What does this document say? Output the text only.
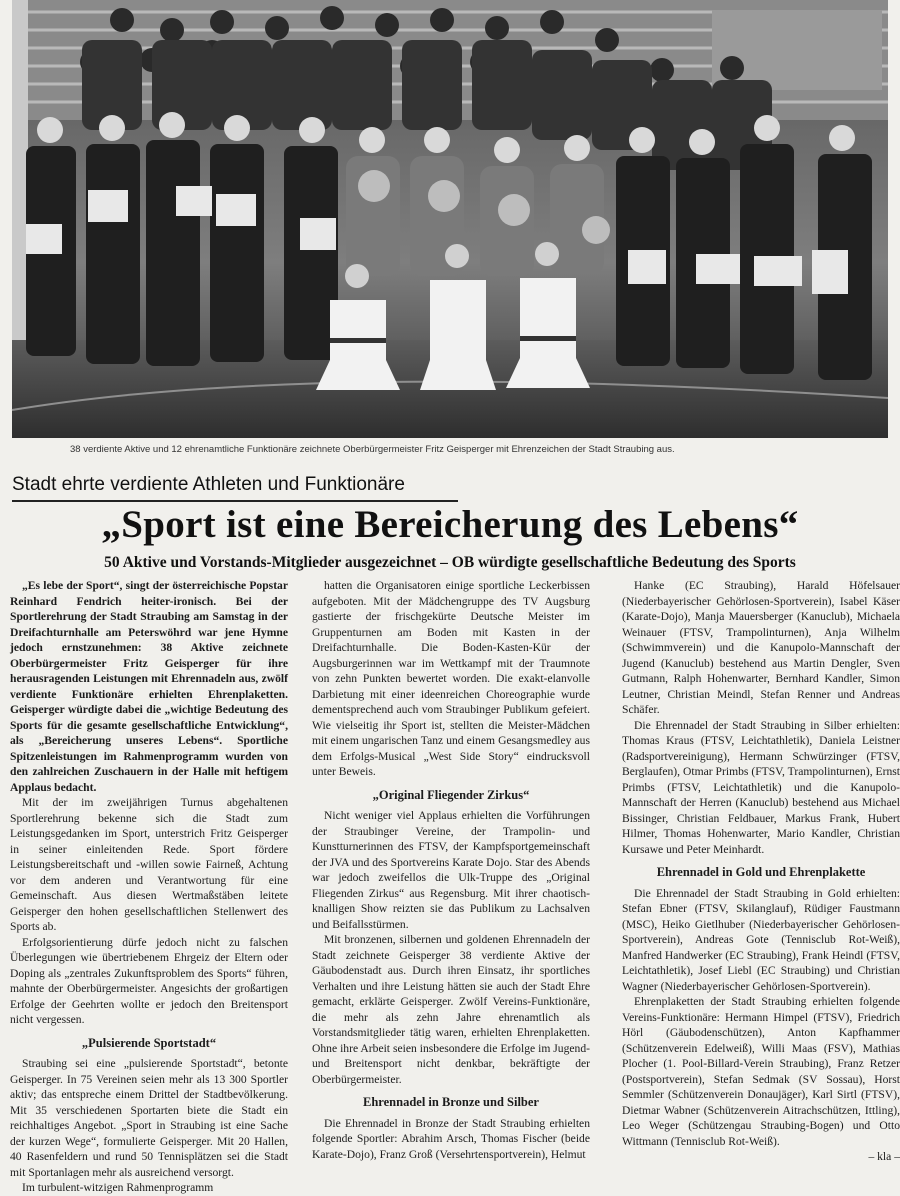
38 verdiente Aktive und 12 ehrenamtliche Funktionäre zeichnete Oberbürgermeister Fritz Geisperger mit Ehrenzeichen der Stadt Straubing aus.
Stadt ehrte verdiente Athleten und Funktionäre
„Sport ist eine Bereicherung des Lebens“
50 Aktive und Vorstands-Mitglieder ausgezeichnet – OB würdigte gesellschaftliche Bedeutung des Sports

„Es lebe der Sport“, singt der österreichische Popstar Reinhard Fendrich heiter-ironisch. Bei der Sportlerehrung der Stadt Straubing am Samstag in der Dreifachturnhalle am Peterswöhrd war jene Hymne jedoch ernstzunehmen: 38 Aktive zeichnete Oberbürgermeister Fritz Geisperger für ihre herausragenden Leistungen mit Ehrennadeln aus, zwölf verdiente Funktionäre erhielten Ehrenplaketten. Geisperger würdigte dabei die „wichtige Bedeutung des Sports für die gesamte gesellschaftliche Entwicklung“, als „Bereicherung unseres Lebens“. Sportliche Spitzenleistungen im Rahmenprogramm wurden von den zahlreichen Zuschauern in der Halle mit heftigem Applaus bedacht.

Mit der im zweijährigen Turnus abgehaltenen Sportlerehrung bekenne sich die Stadt zum Leistungsgedanken im Sport, unterstrich Fritz Geisperger in seiner einleitenden Rede. Sport fördere Leistungsbereitschaft und -willen sowie Fairneß, Achtung vor dem anderen und Verantwortung für eine Gemeinschaft. Aus diesen Wertmaßstäben leitete Geisperger den hohen gesellschaftlichen Stellenwert des Sports ab.

Erfolgsorientierung dürfe jedoch nicht zu falschen Überlegungen wie übertriebenem Ehrgeiz der Eltern oder Doping als „zentrales Zukunftsproblem des Sports“ führen, mahnte der Oberbürgermeister. Angesichts der großartigen Erfolge der Geehrten wollte er jedoch den Breitensport nicht vergessen.

„Pulsierende Sportstadt“

Straubing sei eine „pulsierende Sportstadt“, betonte Geisperger. In 75 Vereinen seien mehr als 13 300 Sportler aktiv; das entspreche einem Drittel der Stadtbevölkerung. Mit 35 verschiedenen Sportarten biete die Stadt ein reichhaltiges Angebot. „Sport in Straubing ist eine Sache der kurzen Wege“, formulierte Geisperger. Mit 20 Hallen, 40 Rasenfeldern und rund 50 Tennisplätzen sei die Stadt mit Sportanlagen mehr als ausreichend versorgt.

Im turbulent-witzigen Rahmenprogramm

hatten die Organisatoren einige sportliche Leckerbissen aufgeboten. Mit der Mädchengruppe des TV Augsburg gastierte der frischgekürte Deutsche Meister im Gruppenturnen am Boden mit Kasten in der Dreifachturnhalle. Die Boden-Kasten-Kür der Augsburgerinnen war im Wettkampf mit der Traumnote von zehn Punkten bewertet worden. Die exakt-elanvolle Darbietung mit einer ideenreichen Choreographie wurde dementsprechend auch vom Straubinger Publikum gefeiert. Wie vielseitig ihr Sport ist, stellten die Meister-Mädchen mit einem ungarischen Tanz und einem Gesangsmedley aus dem Erfolgs-Musical „West Side Story“ eindrucksvoll unter Beweis.

„Original Fliegender Zirkus“

Nicht weniger viel Applaus erhielten die Vorführungen der Straubinger Vereine, der Trampolin- und Kunstturnerinnen des FTSV, der Kampfsportgemeinschaft der JVA und des Sportvereins Karate Dojo. Star des Abends war jedoch zweifellos die Ulk-Truppe des „Original Fliegenden Zirkus“ aus Regensburg. Mit ihrer chaotisch-knalligen Show reizten sie das Publikum zu Lachsalven und Beifallsstürmen.

Mit bronzenen, silbernen und goldenen Ehrennadeln der Stadt zeichnete Geisperger 38 verdiente Aktive der Gäubodenstadt aus. Durch ihren Einsatz, ihr sportliches Verhalten und ihre Leistung hätten sie auch der Stadt Ehre gemacht, erklärte Geisperger. Zwölf Vereins-Funktionäre, die mehr als zehn Jahre ehrenamtlich als Vorstandsmitglieder tätig waren, erhielten Ehrenplaketten. Ohne ihre Arbeit seien insbesondere die Erfolge im Jugend- und Breitensport nicht denkbar, bekräftigte der Oberbürgermeister.

Ehrennadel in Bronze und Silber

Die Ehrennadel in Bronze der Stadt Straubing erhielten folgende Sportler: Abrahim Arsch, Thomas Fischer (beide Karate-Dojo), Franz Groß (Versehrtensportverein), Helmut

Hanke (EC Straubing), Harald Höfelsauer (Niederbayerischer Gehörlosen-Sportverein), Isabel Käser (Karate-Dojo), Manja Mauersberger (Kanuclub), Michaela Weinauer (FTSV, Trampolinturnen), Anja Wilhelm (Schwimmverein) und die Kanupolo-Mannschaft der Jugend (Kanuclub) bestehend aus Martin Dengler, Sven Gutmann, Ralph Hohenwarter, Bernhard Kandler, Simon Leutner, Christian Meindl, Stefan Renner und Andreas Schäfer.

Die Ehrennadel der Stadt Straubing in Silber erhielten: Thomas Kraus (FTSV, Leichtathletik), Daniela Leistner (Radsportvereinigung), Hermann Schwürzinger (FTSV, Berglaufen), Otmar Primbs (FTSV, Trampolinturnen), Ernst Primbs (FTSV, Leichtathletik) und die Kanupolo-Mannschaft der Herren (Kanuclub) bestehend aus Michael Bissinger, Christian Feldbauer, Markus Frank, Hubert Hilmer, Thomas Hohenwarter, Mario Kandler, Christian Kursawe und Peter Meinhardt.

Ehrennadel in Gold und Ehrenplakette

Die Ehrennadel der Stadt Straubing in Gold erhielten: Stefan Ebner (FTSV, Skilanglauf), Rüdiger Faustmann (MSC), Heiko Gietlhuber (Niederbayerischer Gehörlosen-Sportverein), Andreas Gote (Tennisclub Rot-Weiß), Manfred Handwerker (EC Straubing), Frank Heindl (FTSV, Leichtathletik), Josef Liebl (EC Straubing) und Christian Wagner (Niederbayerischer Gehörlosen-Sportverein).

Ehrenplaketten der Stadt Straubing erhielten folgende Vereins-Funktionäre: Hermann Himpel (FTSV), Friedrich Hörl (Gäubodenschützen), Anton Kapfhammer (Schützenverein Edelweiß), Willi Maas (FSV), Mathias Plocher (1. Pool-Billard-Verein Straubing), Franz Retzer (Postsportverein), Stefan Sedmak (SV Sossau), Horst Semmler (Schützenverein Donaujäger), Karl Sirtl (FTSV), Dietmar Wabner (Schützenverein Aitrachschützen, Ittling), Leo Weger (Schützengau Straubing-Bogen) und Otto Wittmann (Tennisclub Rot-Weiß).

– kla –
